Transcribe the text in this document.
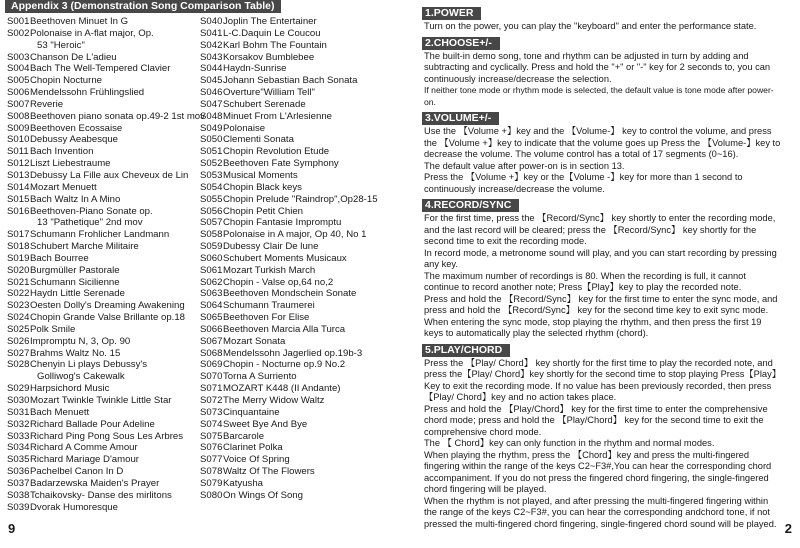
Appendix 3 (Demonstration Song Comparison Table)
S001 Beethoven Minuet In G
S002 Polonaise in A-flat major, Op.
53 "Heroic"
S003 Chanson De L'adieu
S004 Bach The Well-Tempered Clavier
S005 Chopin Nocturne
S006 Mendelssohn Frühlingslied
S007 Reverie
S008 Beethoven piano sonata op.49-2 1st mov
S009 Beethoven Ecossaise
S010 Debussy Aeabesque
S011 Bach Invention
S012 Liszt Liebestraume
S013 Debussy La Fille aux Cheveux de Lin
S014 Mozart Menuett
S015 Bach Waltz In A Mino
S016 Beethoven-Piano Sonate op.
13 "Pathetique" 2nd mov
S017 Schumann Frohlicher Landmann
S018 Schubert Marche Militaire
S019 Bach Bourree
S020 Burgmüller Pastorale
S021 Schumann Sicilienne
S022 Haydn Little Serenade
S023 Oesten Dolly's Dreaming Awakening
S024 Chopin Grande Valse Brillante op.18
S025 Polk Smile
S026 Impromptu N, 3, Op. 90
S027 Brahms Waltz No. 15
S028 Chenyin Li plays Debussy's
Golliwog's Cakewalk
S029 Harpsichord Music
S030 Mozart Twinkle Twinkle Little Star
S031 Bach Menuett
S032 Richard Ballade Pour Adeline
S033 Richard Ping Pong Sous Les Arbres
S034 Richard A Comme Amour
S035 Richard Mariage D'amour
S036 Pachelbel Canon In D
S037 Badarzewska Maiden's Prayer
S038 Tchaikovsky- Danse des mirlitons
S039 Dvorak Humoresque
S040 Joplin The Entertainer
S041 L-C.Daquin Le Coucou
S042 Karl Bohm The Fountain
S043 Korsakov Bumblebee
S044 Haydn-Sunrise
S045 Johann Sebastian Bach Sonata
S046 Overture"William Tell"
S047 Schubert Serenade
S048 Minuet From L'Arlesienne
S049 Polonaise
S050 Clementi Sonata
S051 Chopin Revolution Etude
S052 Beethoven Fate Symphony
S053 Musical Moments
S054 Chopin Black keys
S055 Chopin Prelude "Raindrop",Op28-15
S056 Chopin Petit Chien
S057 Chopin Fantasie Impromptu
S058 Polonaise in A major, Op 40, No 1
S059 Dubessy Clair De lune
S060 Schubert Moments Musicaux
S061 Mozart Turkish March
S062 Chopin - Valse op,64 no,2
S063 Beethoven Mondschein Sonate
S064 Schumann Traumerei
S065 Beethoven For Elise
S066 Beethoven Marcia Alla Turca
S067 Mozart Sonata
S068 Mendelssohn Jagerlied op.19b-3
S069 Chopin - Nocturne op.9 No.2
S070 Torna A Surriento
S071 MOZART K448 (II Andante)
S072 The Merry Widow Waltz
S073 Cinquantaine
S074 Sweet Bye And Bye
S075 Barcarole
S076 Clarinet Polka
S077 Voice Of Spring
S078 Waltz Of The Flowers
S079 Katyusha
S080 On Wings Of Song
9
1.POWER
Turn on the power, you can play the "keyboard" and enter the performance state.
2.CHOOSE+/-
The built-in demo song, tone and rhythm can be adjusted in turn by adding and subtracting and cyclically. Press and hold the "+" or "-" key for 2 seconds to, you can continuously increase/decrease the selection.
If neither tone mode or rhythm mode is selected, the default value is tone mode after power-on.
3.VOLUME+/-
Use the 【Volume +】key and the 【Volume-】 key to control the volume, and press the 【Volume +】key to indicate that the volume goes up Press the 【Volume-】key to decrease the volume. The volume control has a total of 17 segments (0~16).
The default value after power-on is in section 13.
Press the 【Volume +】key or the【Volume -】key for more than 1 second to continuously increase/decrease the volume.
4.RECORD/SYNC
For the first time, press the 【Record/Sync】 key shortly to enter the recording mode, and the last record will be cleared; press the 【Record/Sync】 key shortly for the second time to exit the recording mode.
In record mode, a metronome sound will play, and you can start recording by pressing any key.
The maximum number of recordings is 80. When the recording is full, it cannot continue to record another note; Press【Play】key to play the recorded note.
Press and hold the 【Record/Sync】 key for the first time to enter the sync mode, and press and hold the 【Record/Sync】 key for the second time key to exit sync mode.
When entering the sync mode, stop playing the rhythm, and then press the first 19 keys to automatically play the selected rhythm (chord).
5.PLAY/CHORD
Press the 【Play/ Chord】 key shortly for the first time to play the recorded note, and press the【Play/ Chord】key shortly for the second time to stop playing Press【Play】 Key to exit the recording mode. If no value has been previously recorded, then press 【Play/ Chord】key and no action takes place.
Press and hold the 【Play/Chord】 key for the first time to enter the comprehensive chord mode; press and hold the 【Play/Chord】 key for the second time to exit the comprehensive chord mode.
The 【 Chord】key can only function in the rhythm and normal modes.
When playing the rhythm, press the 【Chord】key and press the multi-fingered fingering within the range of the keys C2~F3#,You can hear the corresponding chord accompaniment. If you do not press the fingered chord fingering, the single-fingered chord fingering will be played.
When the rhythm is not played, and after pressing the multi-fingered fingering within the range of the keys C2~F3#, you can hear the corresponding andchord tone, if not pressed the multi-fingered chord fingering, single-fingered chord sound will be played. 2
